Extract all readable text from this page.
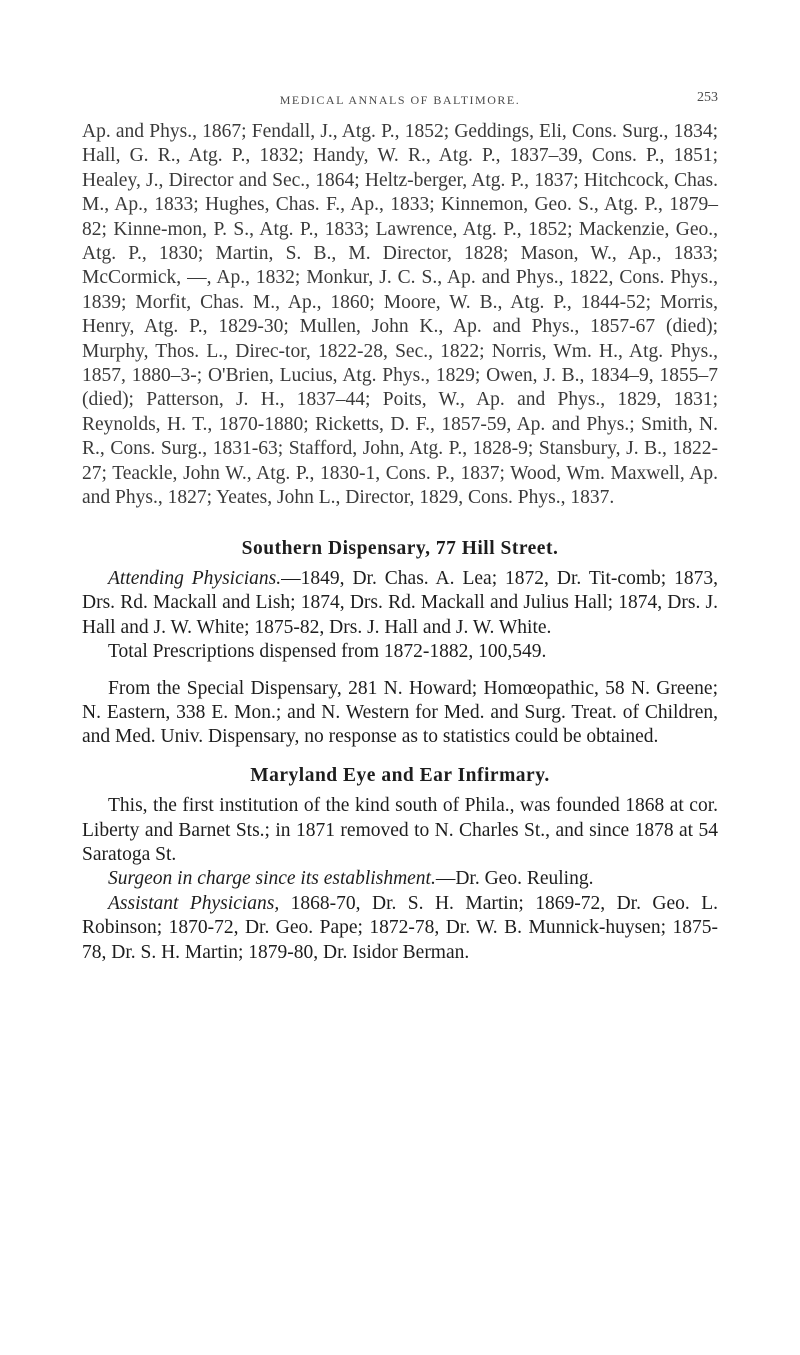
MEDICAL ANNALS OF BALTIMORE.	253

Ap. and Phys., 1867; Fendall, J., Atg. P., 1852; Geddings, Eli, Cons. Surg., 1834; Hall, G. R., Atg. P., 1832; Handy, W. R., Atg. P., 1837–39, Cons. P., 1851; Healey, J., Director and Sec., 1864; Heltz-berger, Atg. P., 1837; Hitchcock, Chas. M., Ap., 1833; Hughes, Chas. F., Ap., 1833; Kinnemon, Geo. S., Atg. P., 1879–82; Kinne-mon, P. S., Atg. P., 1833; Lawrence, Atg. P., 1852; Mackenzie, Geo., Atg. P., 1830; Martin, S. B., M. Director, 1828; Mason, W., Ap., 1833; McCormick, —, Ap., 1832; Monkur, J. C. S., Ap. and Phys., 1822, Cons. Phys., 1839; Morfit, Chas. M., Ap., 1860; Moore, W. B., Atg. P., 1844-52; Morris, Henry, Atg. P., 1829-30; Mullen, John K., Ap. and Phys., 1857-67 (died); Murphy, Thos. L., Direc-tor, 1822-28, Sec., 1822; Norris, Wm. H., Atg. Phys., 1857, 1880–3-; O'Brien, Lucius, Atg. Phys., 1829; Owen, J. B., 1834–9, 1855–7 (died); Patterson, J. H., 1837–44; Poits, W., Ap. and Phys., 1829, 1831; Reynolds, H. T., 1870-1880; Ricketts, D. F., 1857-59, Ap. and Phys.; Smith, N. R., Cons. Surg., 1831-63; Stafford, John, Atg. P., 1828-9; Stansbury, J. B., 1822-27; Teackle, John W., Atg. P., 1830-1, Cons. P., 1837; Wood, Wm. Maxwell, Ap. and Phys., 1827; Yeates, John L., Director, 1829, Cons. Phys., 1837.

Southern Dispensary, 77 Hill Street.

Attending Physicians.—1849, Dr. Chas. A. Lea; 1872, Dr. Tit-comb; 1873, Drs. Rd. Mackall and Lish; 1874, Drs. Rd. Mackall and Julius Hall; 1874, Drs. J. Hall and J. W. White; 1875-82, Drs. J. Hall and J. W. White.

Total Prescriptions dispensed from 1872-1882, 100,549.

From the Special Dispensary, 281 N. Howard; Homœopathic, 58 N. Greene; N. Eastern, 338 E. Mon.; and N. Western for Med. and Surg. Treat. of Children, and Med. Univ. Dispensary, no response as to statistics could be obtained.

Maryland Eye and Ear Infirmary.

This, the first institution of the kind south of Phila., was founded 1868 at cor. Liberty and Barnet Sts.; in 1871 removed to N. Charles St., and since 1878 at 54 Saratoga St.

Surgeon in charge since its establishment.—Dr. Geo. Reuling.

Assistant Physicians, 1868-70, Dr. S. H. Martin; 1869-72, Dr. Geo. L. Robinson; 1870-72, Dr. Geo. Pape; 1872-78, Dr. W. B. Munnick-huysen; 1875-78, Dr. S. H. Martin; 1879-80, Dr. Isidor Berman.
